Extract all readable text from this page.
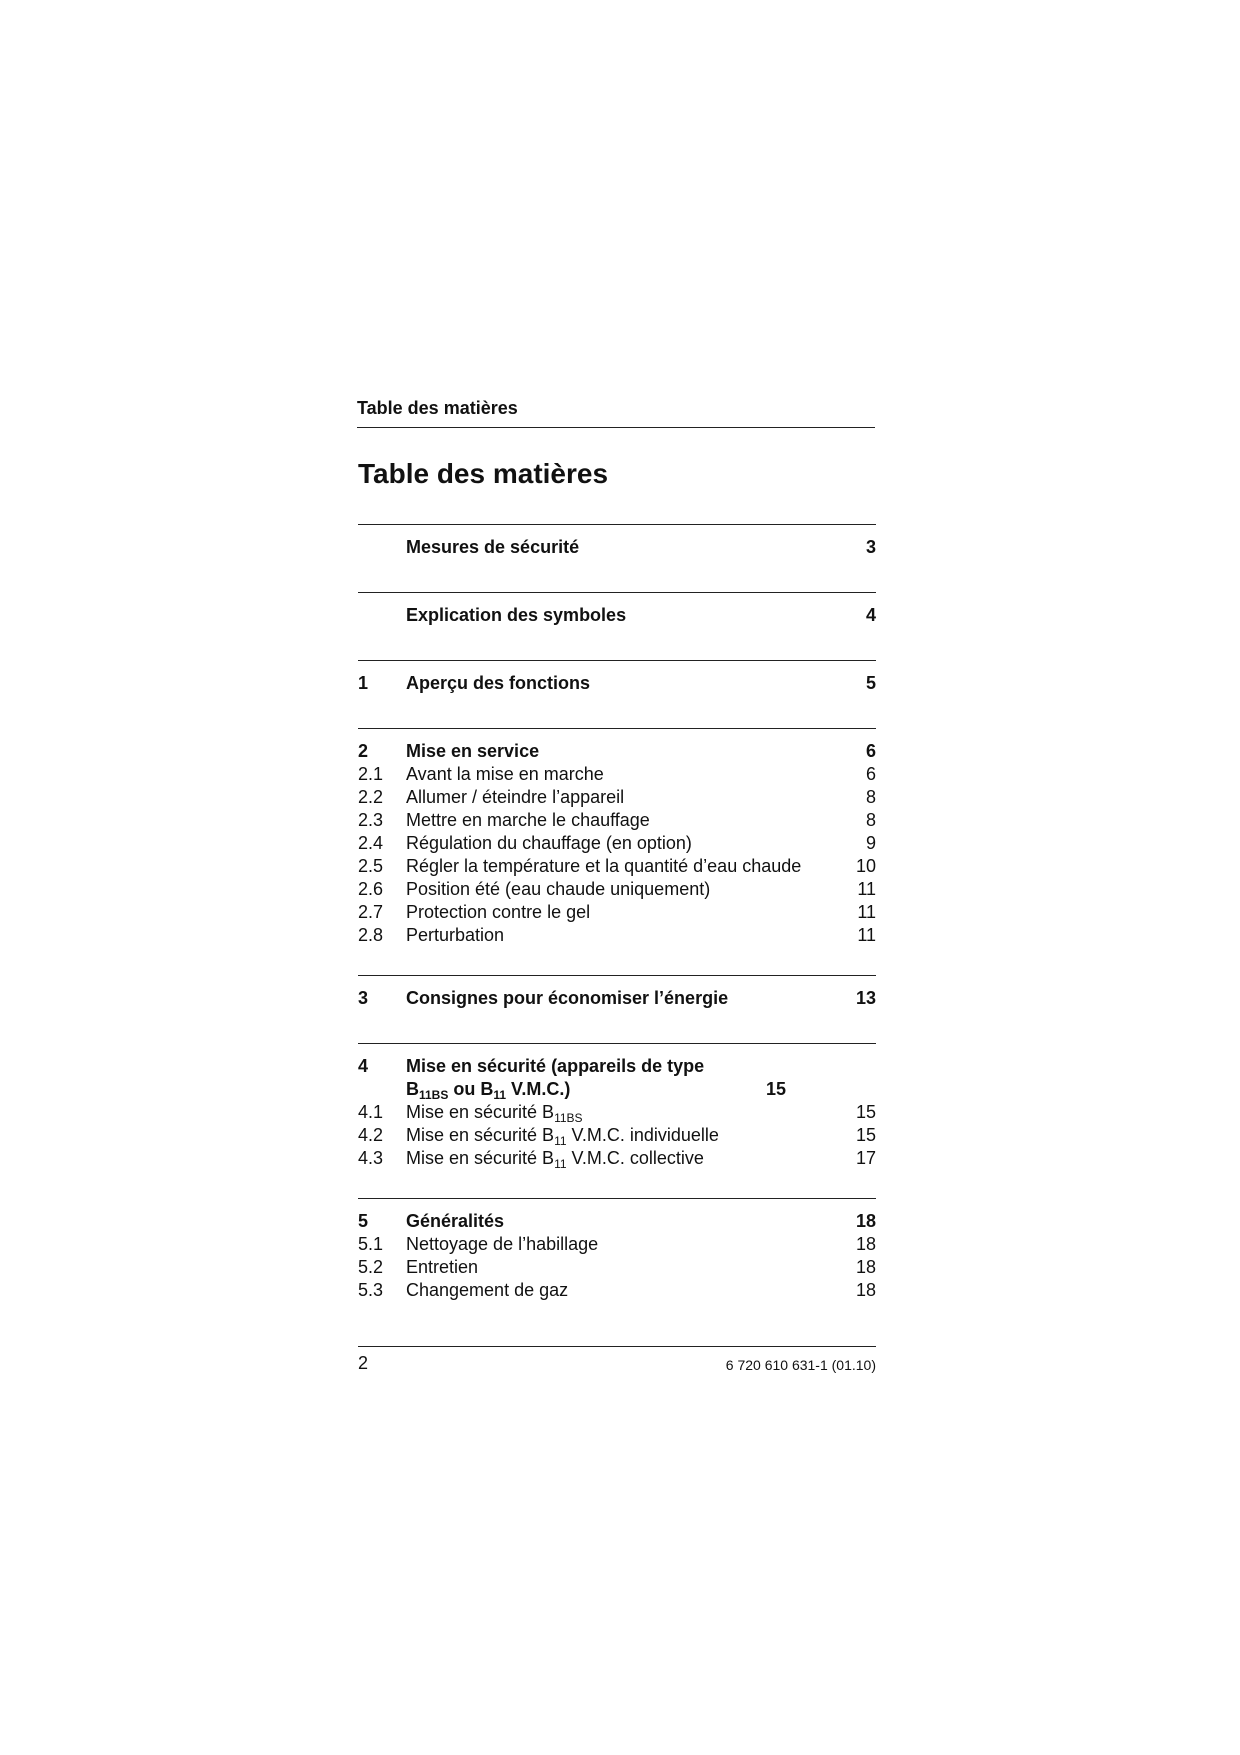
Table des matières
Table des matières
Mesures de sécurité	3
Explication des symboles	4
1	Aperçu des fonctions	5
2	Mise en service	6
2.1	Avant la mise en marche	6
2.2	Allumer / éteindre l’appareil	8
2.3	Mettre en marche le chauffage	8
2.4	Régulation du chauffage (en option)	9
2.5	Régler la température et la quantité d’eau chaude	10
2.6	Position été (eau chaude uniquement)	11
2.7	Protection contre le gel	11
2.8	Perturbation	11
3	Consignes pour économiser l’énergie	13
4	Mise en sécurité (appareils de type $B_{11BS}$ ou $B_{11}$ V.M.C.)	15
4.1	Mise en sécurité $B_{11BS}$	15
4.2	Mise en sécurité $B_{11}$ V.M.C. individuelle	15
4.3	Mise en sécurité $B_{11}$ V.M.C. collective	17
5	Généralités	18
5.1	Nettoyage de l’habillage	18
5.2	Entretien	18
5.3	Changement de gaz	18
2	6 720 610 631-1 (01.10)
